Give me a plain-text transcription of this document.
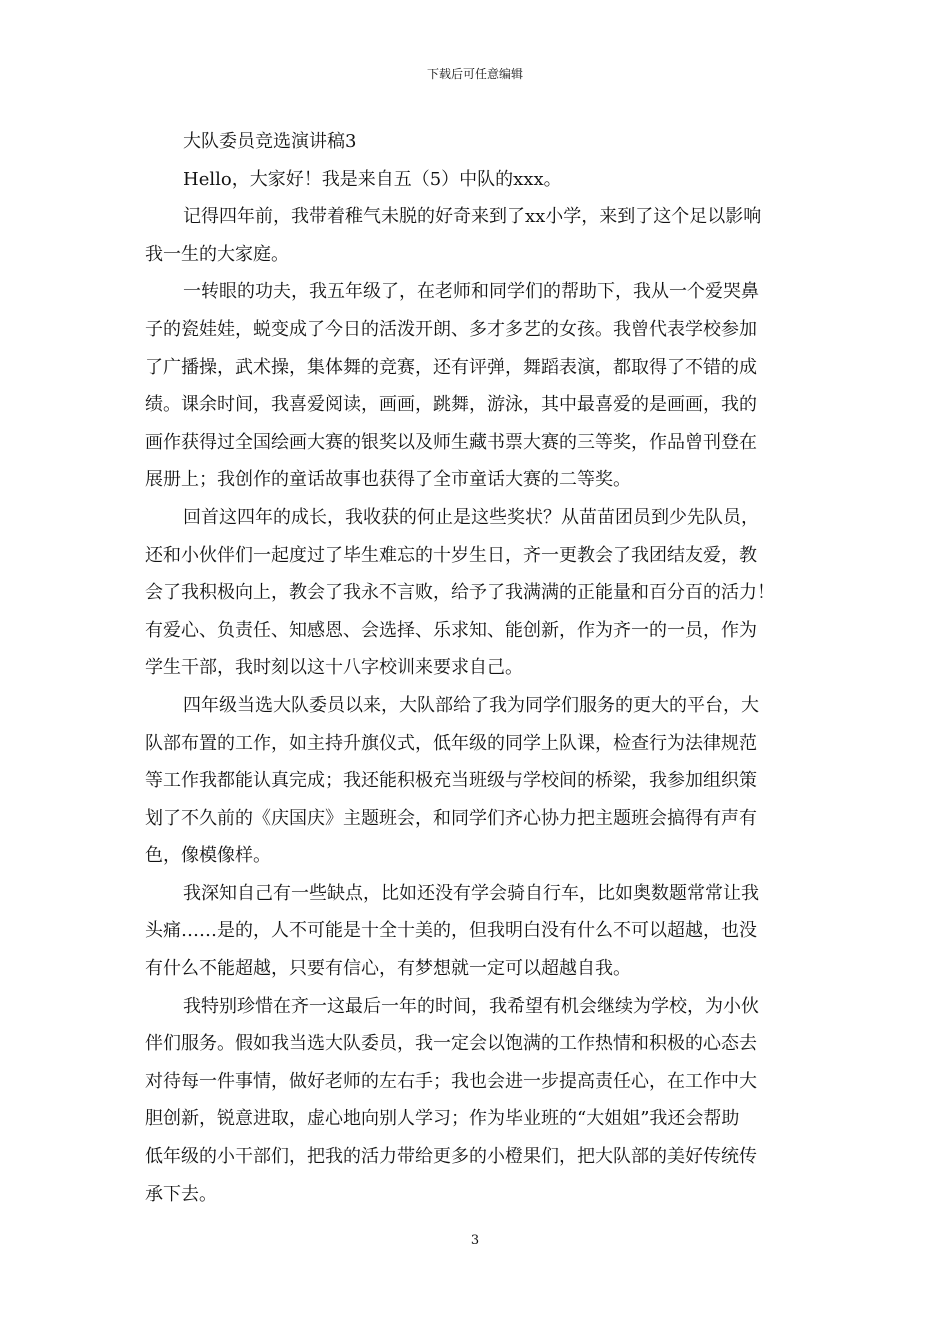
下载后可任意编辑
大队委员竞选演讲稿3
Hello，大家好！我是来自五（5）中队的xxx。
记得四年前，我带着稚气未脱的好奇来到了xx小学，来到了这个足以影响
我一生的大家庭。
一转眼的功夫，我五年级了，在老师和同学们的帮助下，我从一个爱哭鼻
子的瓷娃娃，蜕变成了今日的活泼开朗、多才多艺的女孩。我曾代表学校参加
了广播操，武术操，集体舞的竞赛，还有评弹，舞蹈表演，都取得了不错的成
绩。课余时间，我喜爱阅读，画画，跳舞，游泳，其中最喜爱的是画画，我的
画作获得过全国绘画大赛的银奖以及师生藏书票大赛的三等奖，作品曾刊登在
展册上；我创作的童话故事也获得了全市童话大赛的二等奖。
回首这四年的成长，我收获的何止是这些奖状？从苗苗团员到少先队员，
还和小伙伴们一起度过了毕生难忘的十岁生日，齐一更教会了我团结友爱，教
会了我积极向上，教会了我永不言败，给予了我满满的正能量和百分百的活力！
有爱心、负责任、知感恩、会选择、乐求知、能创新，作为齐一的一员，作为
学生干部，我时刻以这十八字校训来要求自己。
四年级当选大队委员以来，大队部给了我为同学们服务的更大的平台，大
队部布置的工作，如主持升旗仪式，低年级的同学上队课，检查行为法律规范
等工作我都能认真完成；我还能积极充当班级与学校间的桥梁，我参加组织策
划了不久前的《庆国庆》主题班会，和同学们齐心协力把主题班会搞得有声有
色，像模像样。
我深知自己有一些缺点，比如还没有学会骑自行车，比如奥数题常常让我
头痛……是的，人不可能是十全十美的，但我明白没有什么不可以超越，也没
有什么不能超越，只要有信心，有梦想就一定可以超越自我。
我特别珍惜在齐一这最后一年的时间，我希望有机会继续为学校，为小伙
伴们服务。假如我当选大队委员，我一定会以饱满的工作热情和积极的心态去
对待每一件事情，做好老师的左右手；我也会进一步提高责任心，在工作中大
胆创新，锐意进取，虚心地向别人学习；作为毕业班的“大姐姐”我还会帮助
低年级的小干部们，把我的活力带给更多的小橙果们，把大队部的美好传统传
承下去。
3
